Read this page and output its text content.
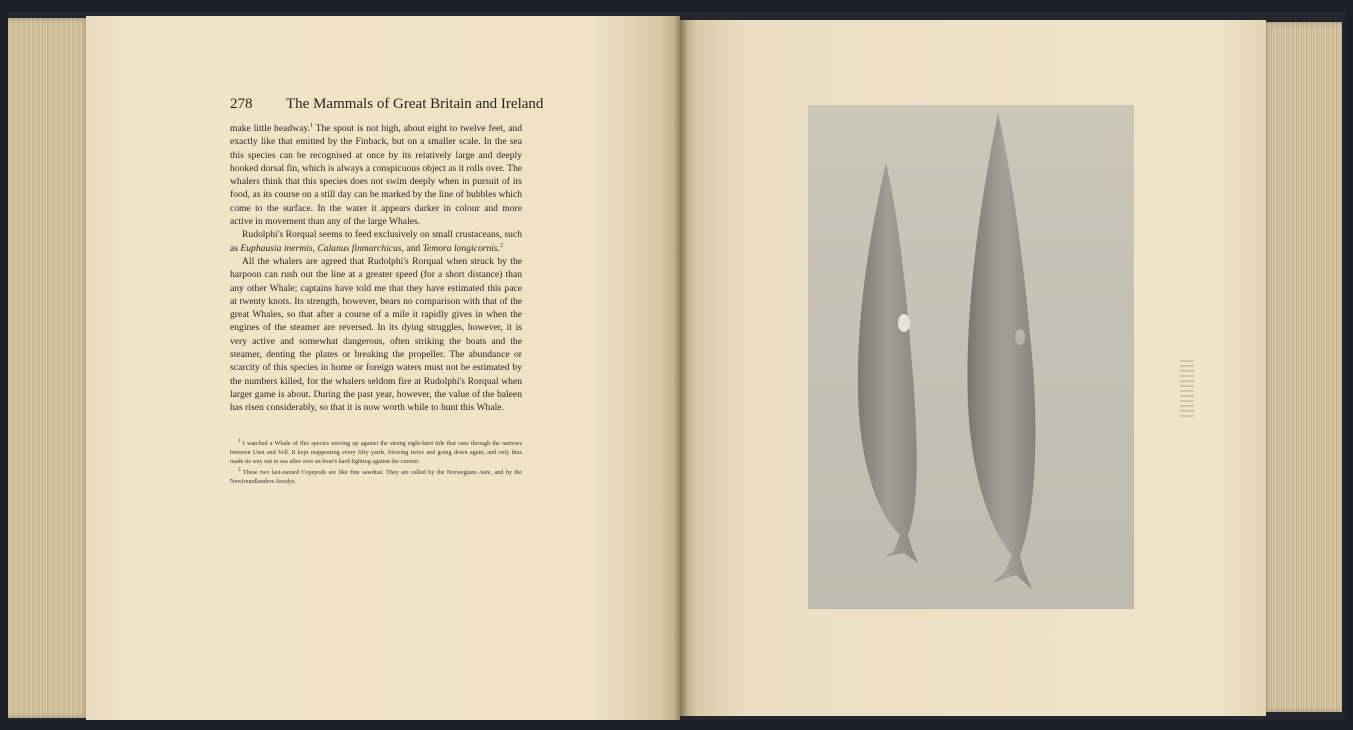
278 The Mammals of Great Britain and Ireland

make little headway.$^1$ The spout is not high, about eight to twelve feet, and exactly like that emitted by the Finback, but on a smaller scale. In the sea this species can be recognised at once by its relatively large and deeply hooked dorsal fin, which is always a conspicuous object as it rolls over. The whalers think that this species does not swim deeply when in pursuit of its food, as its course on a still day can be marked by the line of bubbles which come to the surface. In the water it appears darker in colour and more active in movement than any of the large Whales.

Rudolphi's Rorqual seems to feed exclusively on small crustaceans, such as Euphausia inermis, Calanus finmarchicus, and Temora longicornis.$^2$

All the whalers are agreed that Rudolphi's Rorqual when struck by the harpoon can rush out the line at a greater speed (for a short distance) than any other Whale; captains have told me that they have estimated this pace at twenty knots. Its strength, however, bears no comparison with that of the great Whales, so that after a course of a mile it rapidly gives in when the engines of the steamer are reversed. In its dying struggles, however, it is very active and somewhat dangerous, often striking the boats and the steamer, denting the plates or breaking the propeller. The abundance or scarcity of this species in home or foreign waters must not be estimated by the numbers killed, for the whalers seldom fire at Rudolphi's Rorqual when larger game is about. During the past year, however, the value of the baleen has risen considerably, so that it is now worth while to hunt this Whale.

$^1$ I watched a Whale of this species moving up against the strong eight-knot tide that runs through the narrows between Unst and Yell. It kept reappearing every fifty yards, blowing twice and going down again; and only thus made its way out to sea after over an hour's hard fighting against the current.

$^2$ These two last-named Copepods are like fine sawdust. They are called by the Norwegians Aate, and by the Newfoundlanders Sawdye.
